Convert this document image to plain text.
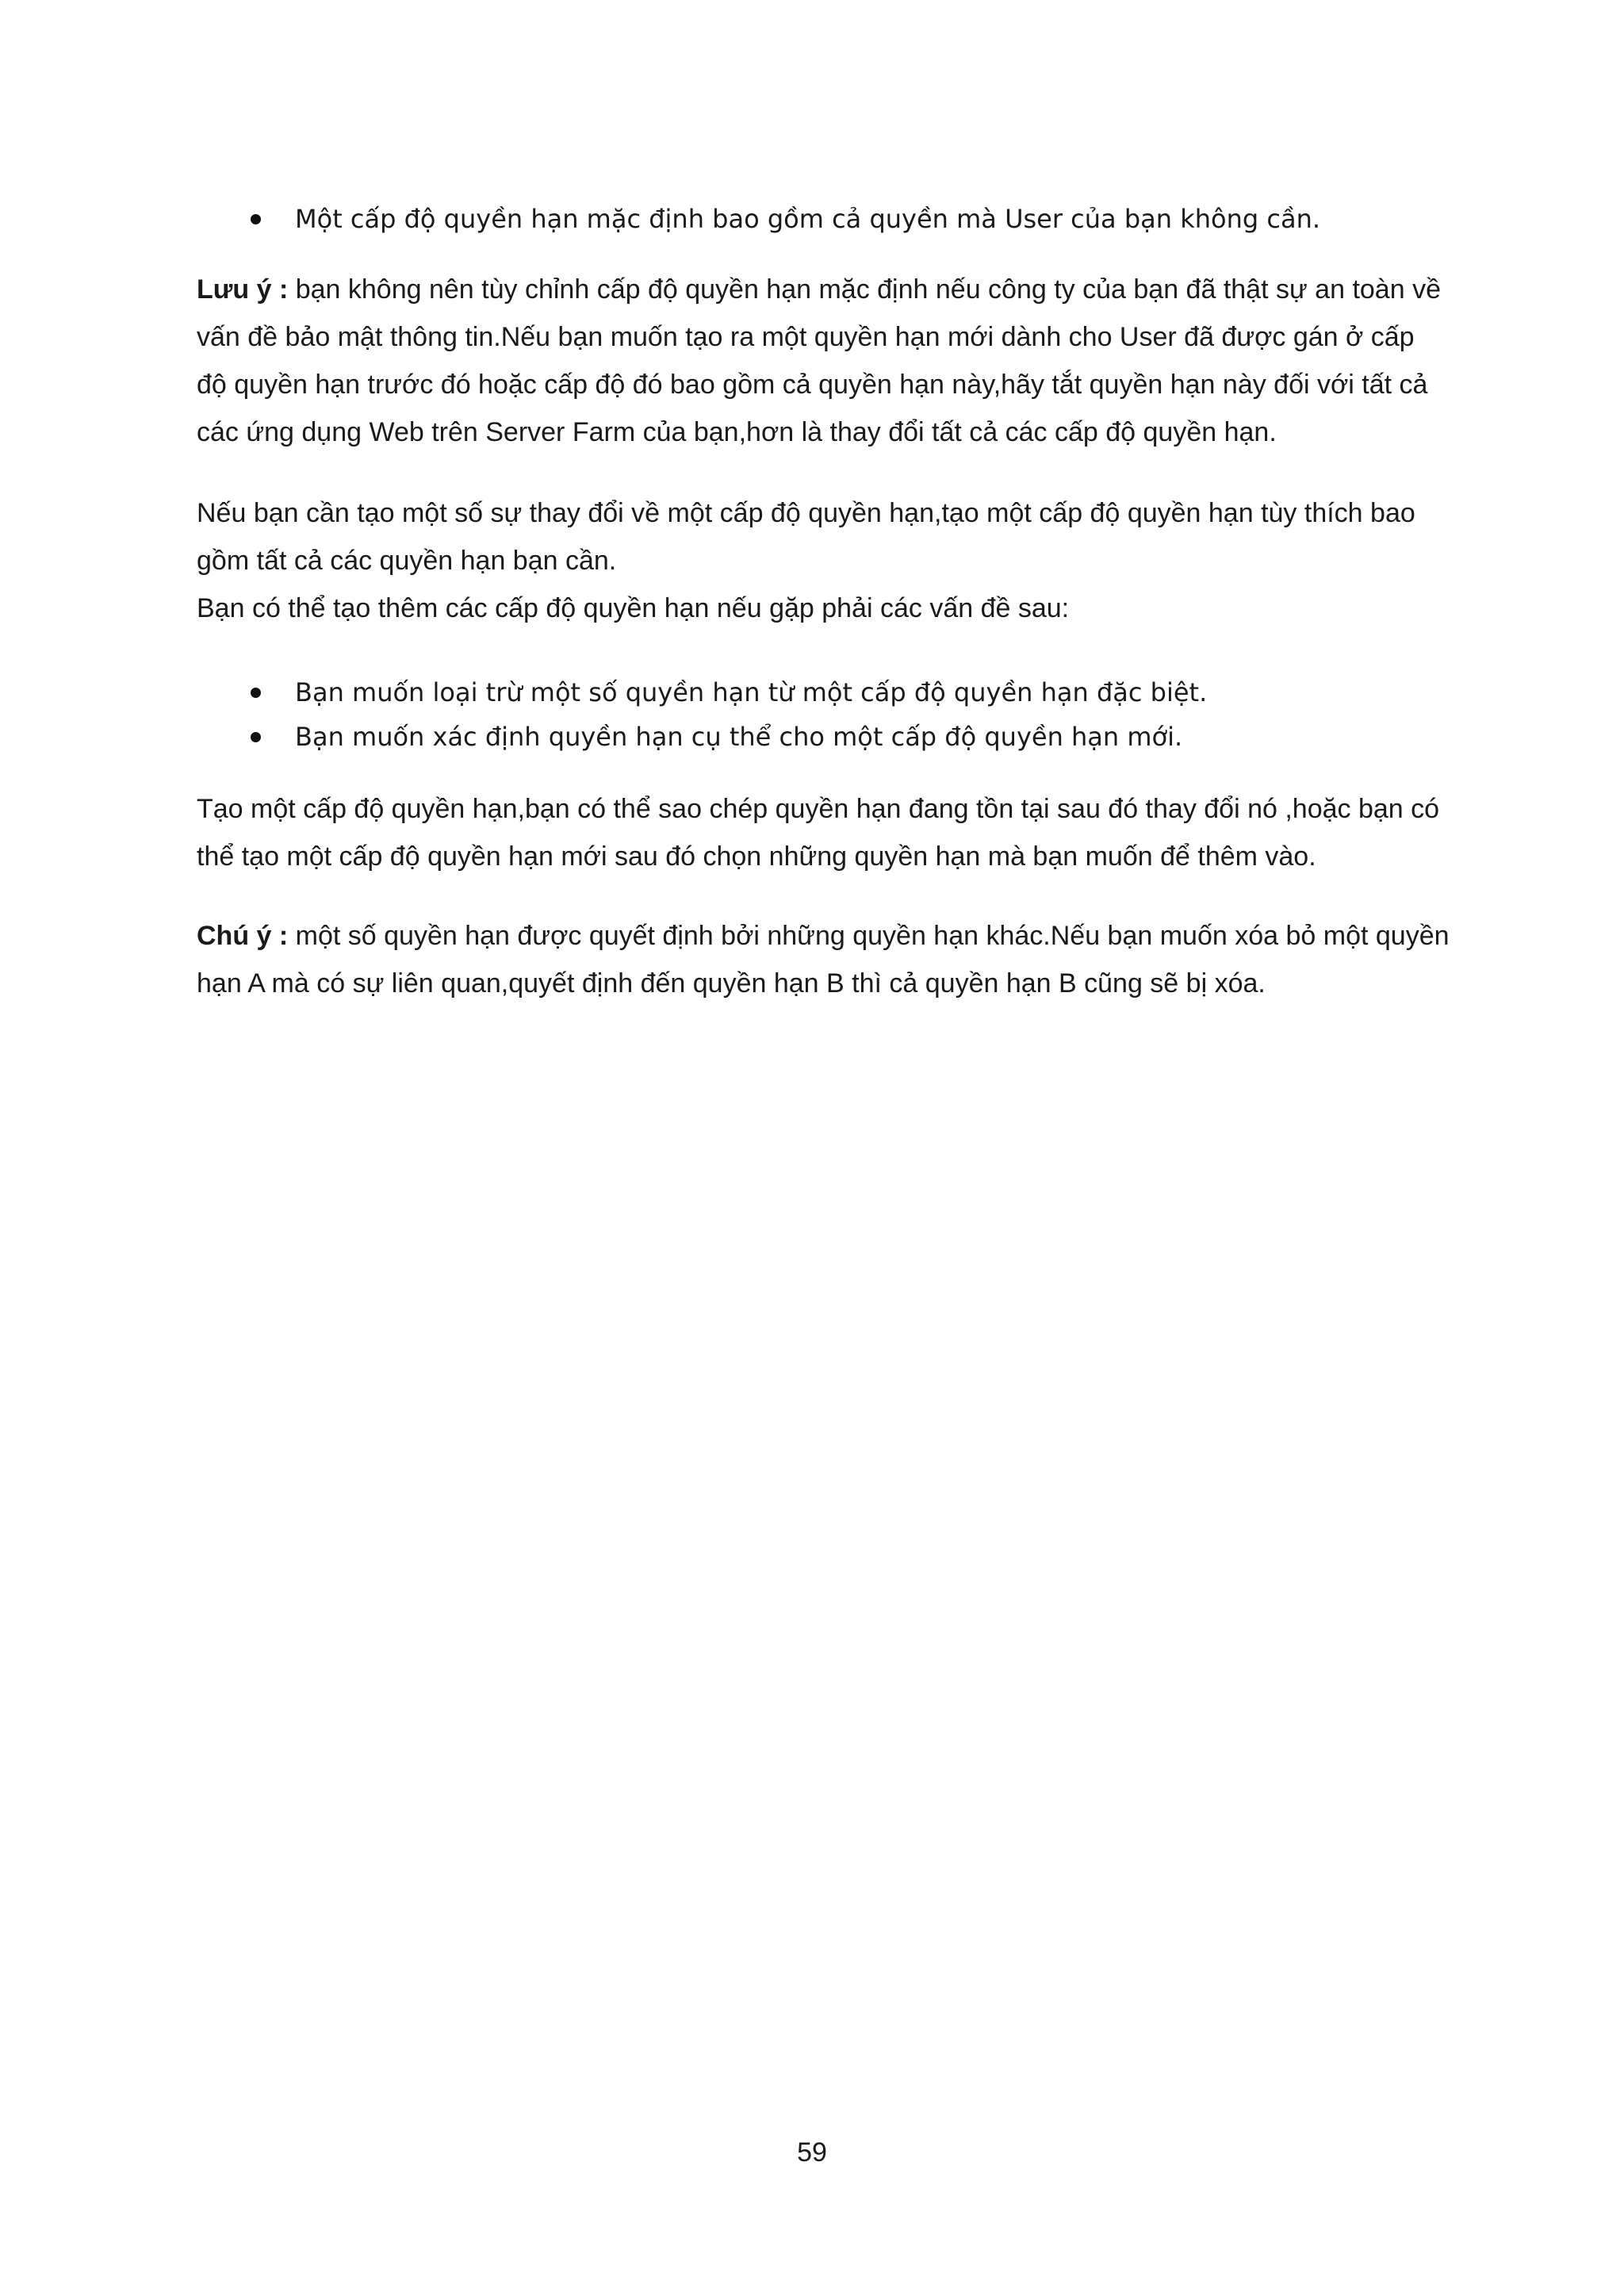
Một cấp độ quyền hạn mặc định bao gồm cả quyền mà User của bạn không cần.

Lưu ý : bạn không nên tùy chỉnh cấp độ quyền hạn mặc định nếu công ty của bạn đã thật sự an toàn về vấn đề bảo mật thông tin.Nếu bạn muốn tạo ra một quyền hạn mới dành cho User đã được gán ở cấp độ quyền hạn trước đó hoặc cấp độ đó bao gồm cả quyền hạn này,hãy tắt quyền hạn này đối với tất cả các ứng dụng Web trên Server Farm của bạn,hơn là thay đổi tất cả các cấp độ quyền hạn.

Nếu bạn cần tạo một số sự thay đổi về một cấp độ quyền hạn,tạo một cấp độ quyền hạn tùy thích bao gồm tất cả các quyền hạn bạn cần.
Bạn có thể tạo thêm các cấp độ quyền hạn nếu gặp phải các vấn đề sau:

Bạn muốn loại trừ một số quyền hạn từ một cấp độ quyền hạn đặc biệt.
Bạn muốn xác định quyền hạn cụ thể cho một cấp độ quyền hạn mới.

Tạo một cấp độ quyền hạn,bạn có thể sao chép quyền hạn đang tồn tại sau đó thay đổi nó ,hoặc bạn có thể tạo một cấp độ quyền hạn mới sau đó chọn những quyền hạn mà bạn muốn để thêm vào.

Chú ý : một số quyền hạn được quyết định bởi những quyền hạn khác.Nếu bạn muốn xóa bỏ một quyền hạn A mà có sự liên quan,quyết định đến quyền hạn B thì cả quyền hạn B cũng sẽ bị xóa.

59
